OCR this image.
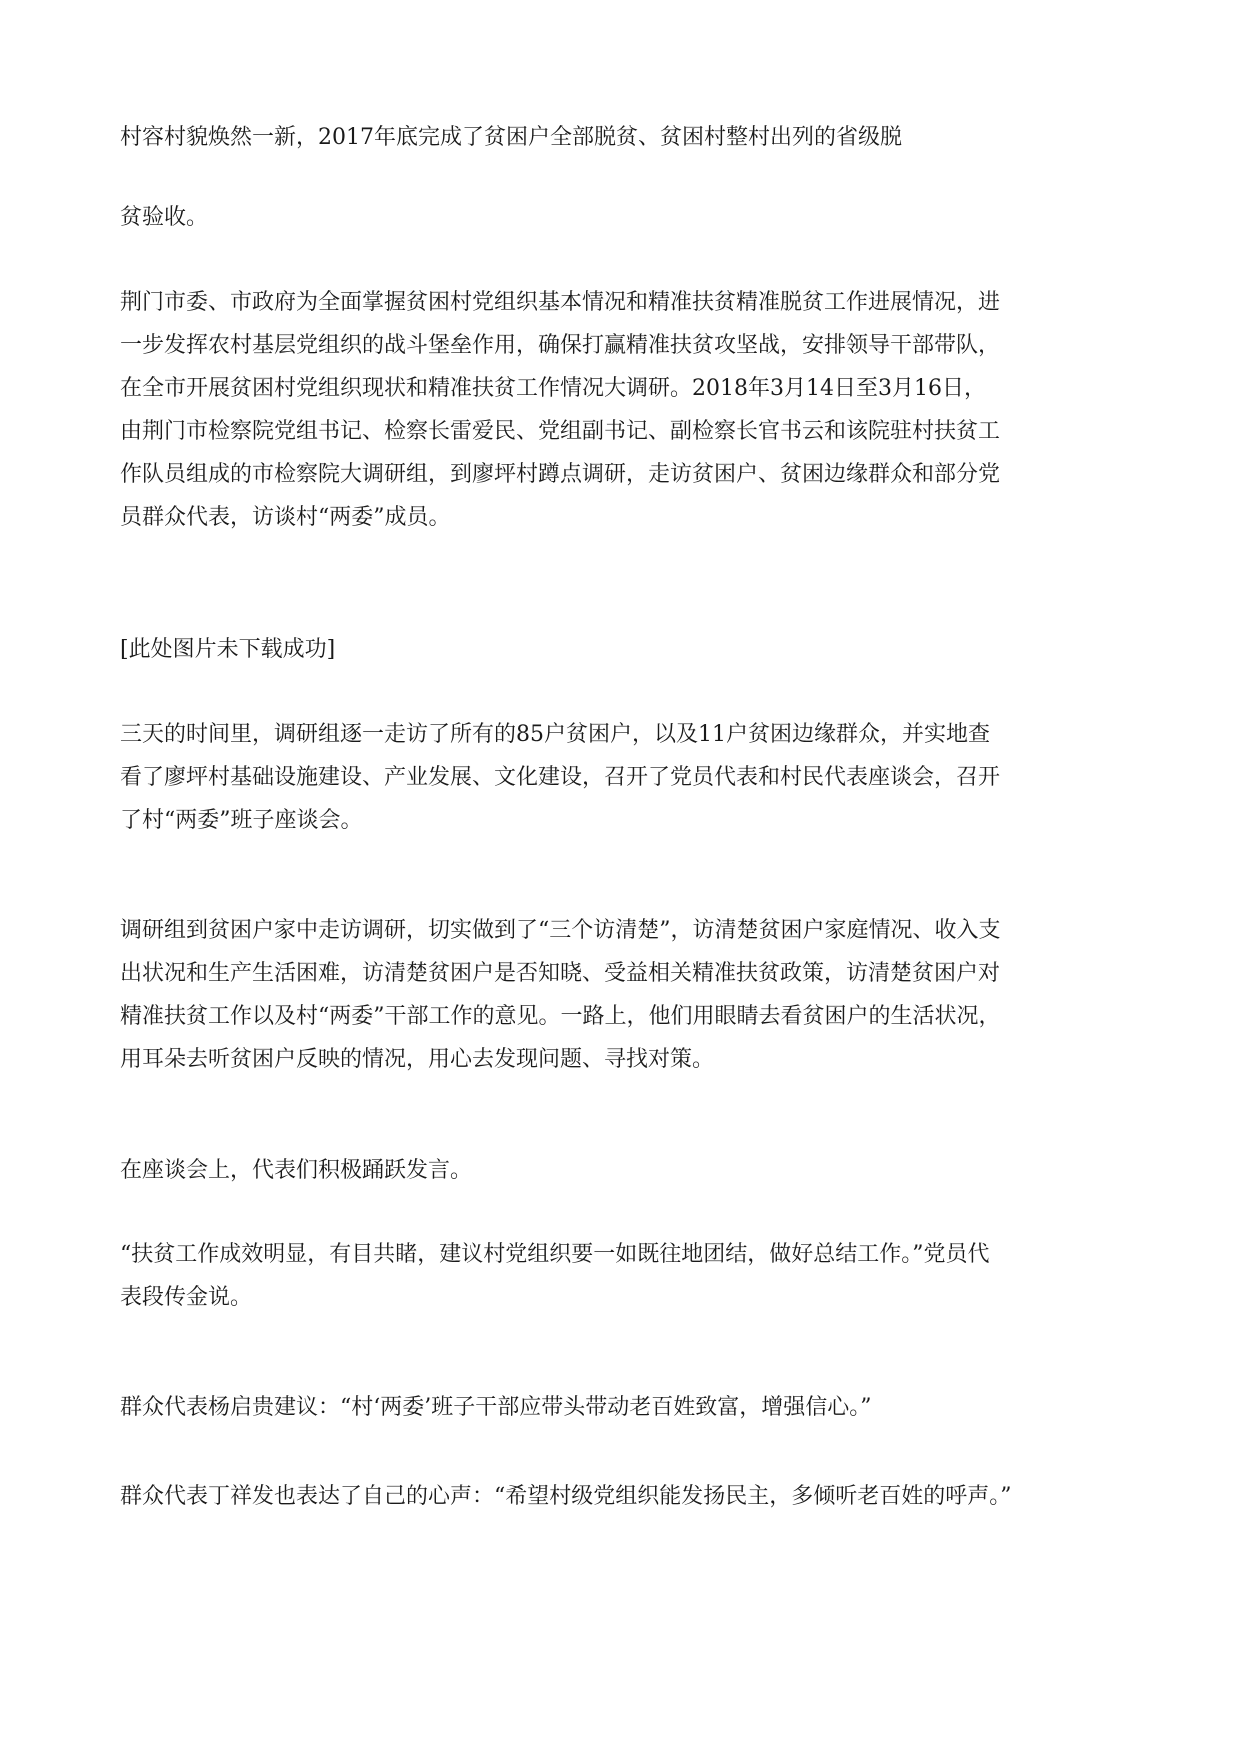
村容村貌焕然一新，2017年底完成了贫困户全部脱贫、贫困村整村出列的省级脱

贫验收。

荆门市委、市政府为全面掌握贫困村党组织基本情况和精准扶贫精准脱贫工作进展情况，进
一步发挥农村基层党组织的战斗堡垒作用，确保打赢精准扶贫攻坚战，安排领导干部带队，
在全市开展贫困村党组织现状和精准扶贫工作情况大调研。2018年3月14日至3月16日，
由荆门市检察院党组书记、检察长雷爱民、党组副书记、副检察长官书云和该院驻村扶贫工
作队员组成的市检察院大调研组，到廖坪村蹲点调研，走访贫困户、贫困边缘群众和部分党
员群众代表，访谈村“两委”成员。

[此处图片未下载成功]

三天的时间里，调研组逐一走访了所有的85户贫困户，以及11户贫困边缘群众，并实地查
看了廖坪村基础设施建设、产业发展、文化建设，召开了党员代表和村民代表座谈会，召开
了村“两委”班子座谈会。

调研组到贫困户家中走访调研，切实做到了“三个访清楚”，访清楚贫困户家庭情况、收入支
出状况和生产生活困难，访清楚贫困户是否知晓、受益相关精准扶贫政策，访清楚贫困户对
精准扶贫工作以及村“两委”干部工作的意见。一路上，他们用眼睛去看贫困户的生活状况，
用耳朵去听贫困户反映的情况，用心去发现问题、寻找对策。

在座谈会上，代表们积极踊跃发言。

“扶贫工作成效明显，有目共睹，建议村党组织要一如既往地团结，做好总结工作。”党员代
表段传金说。

群众代表杨启贵建议：“村‘两委’班子干部应带头带动老百姓致富，增强信心。”

群众代表丁祥发也表达了自己的心声：“希望村级党组织能发扬民主，多倾听老百姓的呼声。”
